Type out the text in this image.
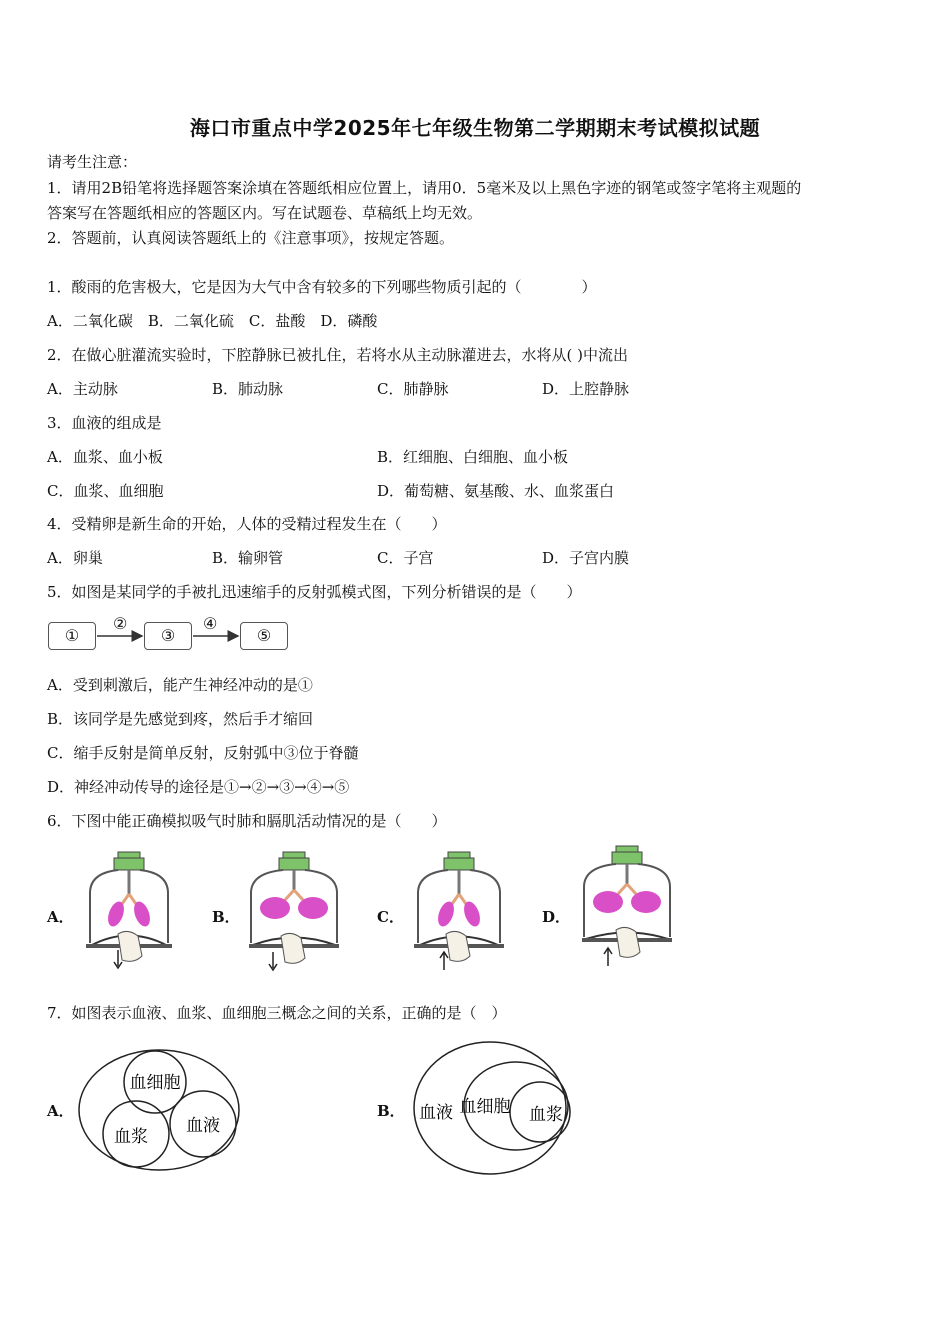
海口市重点中学2025年七年级生物第二学期期末考试模拟试题
请考生注意：
1．请用2B铅笔将选择题答案涂填在答题纸相应位置上，请用0．5毫米及以上黑色字迹的钢笔或签字笔将主观题的
答案写在答题纸相应的答题区内。写在试题卷、草稿纸上均无效。
2．答题前，认真阅读答题纸上的《注意事项》，按规定答题。
1．酸雨的危害极大，它是因为大气中含有较多的下列哪些物质引起的（　　　　）
A．二氧化碳　B．二氧化硫　C．盐酸　D．磷酸
2．在做心脏灌流实验时，下腔静脉已被扎住，若将水从主动脉灌进去，水将从( )中流出
A．主动脉	B．肺动脉	C．肺静脉	D．上腔静脉
3．血液的组成是
A．血浆、血小板	B．红细胞、白细胞、血小板
C．血浆、血细胞	D．葡萄糖、氨基酸、水、血浆蛋白
4．受精卵是新生命的开始，人体的受精过程发生在（　　）
A．卵巢	B．输卵管	C．子宫	D．子宫内膜
5．如图是某同学的手被扎迅速缩手的反射弧模式图，下列分析错误的是（　　）
①
②
③
④
⑤
A．受到刺激后，能产生神经冲动的是①
B．该同学是先感觉到疼，然后手才缩回
C．缩手反射是简单反射，反射弧中③位于脊髓
D．神经冲动传导的途径是①→②→③→④→⑤
6．下图中能正确模拟吸气时肺和膈肌活动情况的是（　　）
A．	B．	C．	D．
7．如图表示血液、血浆、血细胞三概念之间的关系，正确的是（　）
A．	B．
血细胞
血液
血浆
血液 血细胞 血浆
